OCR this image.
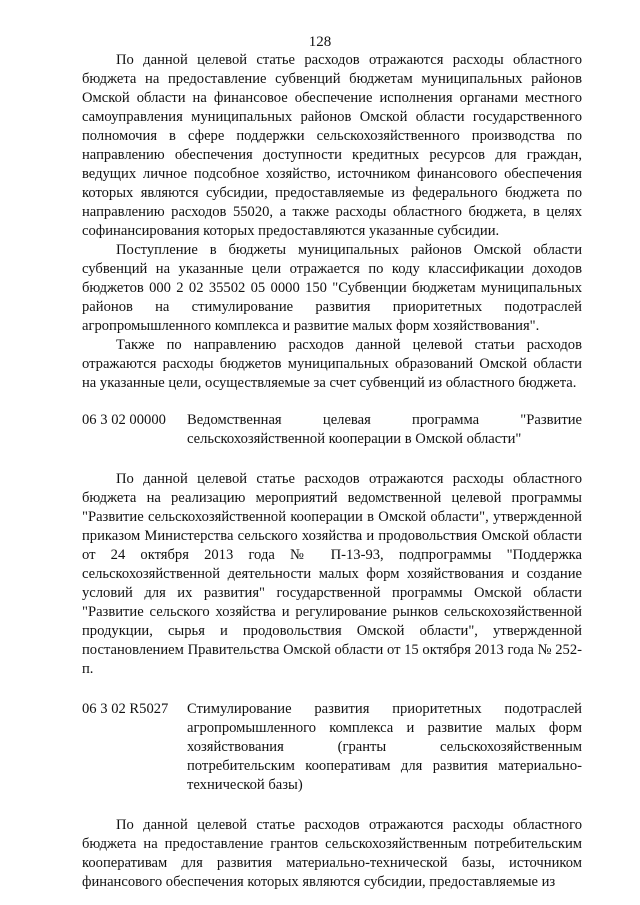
128

По данной целевой статье расходов отражаются расходы областного бюджета на предоставление субвенций бюджетам муниципальных районов Омской области на финансовое обеспечение исполнения органами местного самоуправления муниципальных районов Омской области государственного полномочия в сфере поддержки сельскохозяйственного производства по направлению обеспечения доступности кредитных ресурсов для граждан, ведущих личное подсобное хозяйство, источником финансового обеспечения которых являются субсидии, предоставляемые из федерального бюджета по направлению расходов 55020, а также расходы областного бюджета, в целях софинансирования которых предоставляются указанные субсидии.

Поступление в бюджеты муниципальных районов Омской области субвенций на указанные цели отражается по коду классификации доходов бюджетов 000 2 02 35502 05 0000 150 "Субвенции бюджетам муниципальных районов на стимулирование развития приоритетных подотраслей агропромышленного комплекса и развитие малых форм хозяйствования".

Также по направлению расходов данной целевой статьи расходов отражаются расходы бюджетов муниципальных образований Омской области на указанные цели, осуществляемые за счет субвенций из областного бюджета.

06 3 02 00000	Ведомственная целевая программа "Развитие сельскохозяйственной кооперации в Омской области"

По данной целевой статье расходов отражаются расходы областного бюджета на реализацию мероприятий ведомственной целевой программы "Развитие сельскохозяйственной кооперации в Омской области", утвержденной приказом Министерства сельского хозяйства и продовольствия Омской области от 24 октября 2013 года № П-13-93, подпрограммы "Поддержка сельскохозяйственной деятельности малых форм хозяйствования и создание условий для их развития" государственной программы Омской области "Развитие сельского хозяйства и регулирование рынков сельскохозяйственной продукции, сырья и продовольствия Омской области", утвержденной постановлением Правительства Омской области от 15 октября 2013 года № 252-п.

06 3 02 R5027	Стимулирование развития приоритетных подотраслей агропромышленного комплекса и развитие малых форм хозяйствования (гранты сельскохозяйственным потребительским кооперативам для развития материально-технической базы)

По данной целевой статье расходов отражаются расходы областного бюджета на предоставление грантов сельскохозяйственным потребительским кооперативам для развития материально-технической базы, источником финансового обеспечения которых являются субсидии, предоставляемые из
